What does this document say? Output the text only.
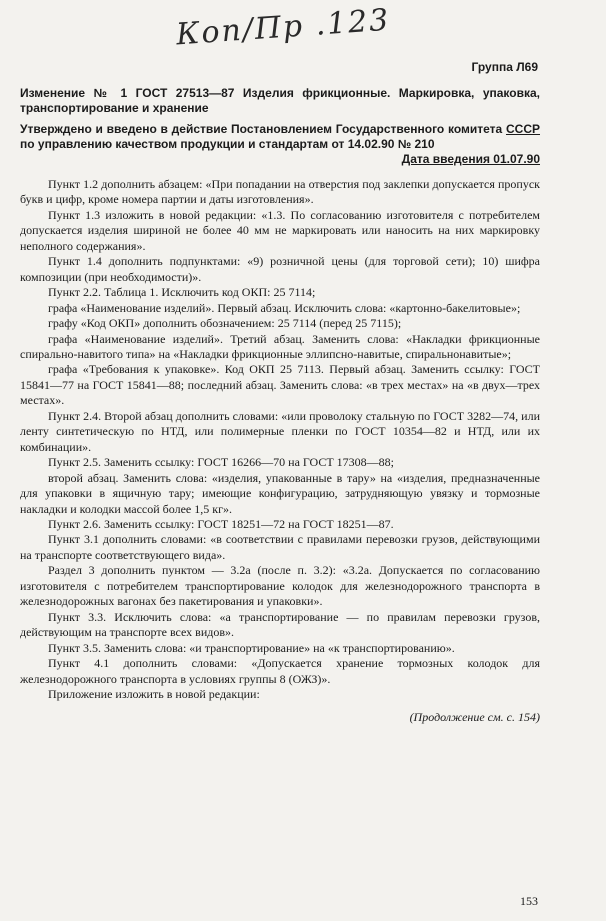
Коп/Пр .123
Группа Л69
Изменение № 1 ГОСТ 27513—87 Изделия фрикционные. Маркировка, упаковка, транспортирование и хранение

Утверждено и введено в действие Постановлением Государственного комитета СССР по управлению качеством продукции и стандартам от 14.02.90 № 210

Дата введения 01.07.90

Пункт 1.2 дополнить абзацем: «При попадании на отверстия под заклепки допускается пропуск букв и цифр, кроме номера партии и даты изготовления».

Пункт 1.3 изложить в новой редакции: «1.3. По согласованию изготовителя с потребителем допускается изделия шириной не более 40 мм не маркировать или наносить на них маркировку неполного содержания».

Пункт 1.4 дополнить подпунктами: «9) розничной цены (для торговой сети); 10) шифра композиции (при необходимости)».

Пункт 2.2. Таблица 1. Исключить код ОКП: 25 7114;

графа «Наименование изделий». Первый абзац. Исключить слова: «картонно-бакелитовые»;

графу «Код ОКП» дополнить обозначением: 25 7114 (перед 25 7115);

графа «Наименование изделий». Третий абзац. Заменить слова: «Накладки фрикционные спирально-навитого типа» на «Накладки фрикционные эллипсно-навитые, спиральнонавитые»;

графа «Требования к упаковке». Код ОКП 25 7113. Первый абзац. Заменить ссылку: ГОСТ 15841—77 на ГОСТ 15841—88; последний абзац. Заменить слова: «в трех местах» на «в двух—трех местах».

Пункт 2.4. Второй абзац дополнить словами: «или проволоку стальную по ГОСТ 3282—74, или ленту синтетическую по НТД, или полимерные пленки по ГОСТ 10354—82 и НТД, или их комбинации».

Пункт 2.5. Заменить ссылку: ГОСТ 16266—70 на ГОСТ 17308—88;

второй абзац. Заменить слова: «изделия, упакованные в тару» на «изделия, предназначенные для упаковки в ящичную тару; имеющие конфигурацию, затрудняющую увязку и тормозные накладки и колодки массой более 1,5 кг».

Пункт 2.6. Заменить ссылку: ГОСТ 18251—72 на ГОСТ 18251—87.

Пункт 3.1 дополнить словами: «в соответствии с правилами перевозки грузов, действующими на транспорте соответствующего вида».

Раздел 3 дополнить пунктом — 3.2а (после п. 3.2): «3.2а. Допускается по согласованию изготовителя с потребителем транспортирование колодок для железнодорожного транспорта в железнодорожных вагонах без пакетирования и упаковки».

Пункт 3.3. Исключить слова: «а транспортирование — по правилам перевозки грузов, действующим на транспорте всех видов».

Пункт 3.5. Заменить слова: «и транспортирование» на «к транспортированию».

Пункт 4.1 дополнить словами: «Допускается хранение тормозных колодок для железнодорожного транспорта в условиях группы 8 (ОЖЗ)».

Приложение изложить в новой редакции:

(Продолжение см. с. 154)
153
